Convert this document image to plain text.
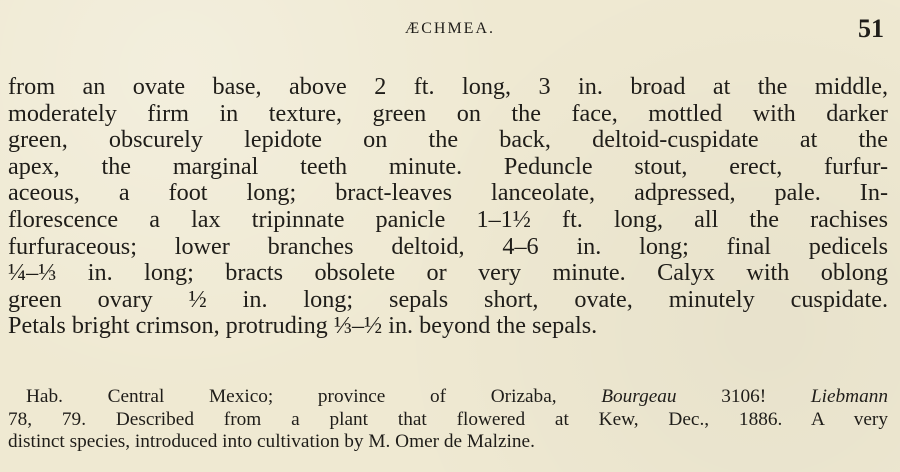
ÆCHMEA.	51
from an ovate base, above 2 ft. long, 3 in. broad at the middle,
moderately firm in texture, green on the face, mottled with darker
green, obscurely lepidote on the back, deltoid-cuspidate at the
apex, the marginal teeth minute. Peduncle stout, erect, furfur-
aceous, a foot long; bract-leaves lanceolate, adpressed, pale. In-
florescence a lax tripinnate panicle 1–1½ ft. long, all the rachises
furfuraceous; lower branches deltoid, 4–6 in. long; final pedicels
¼–⅓ in. long; bracts obsolete or very minute. Calyx with oblong
green ovary ½ in. long; sepals short, ovate, minutely cuspidate.
Petals bright crimson, protruding ⅓–½ in. beyond the sepals.
Hab. Central Mexico; province of Orizaba, Bourgeau 3106! Liebmann
78, 79. Described from a plant that flowered at Kew, Dec., 1886. A very
distinct species, introduced into cultivation by M. Omer de Malzine.
